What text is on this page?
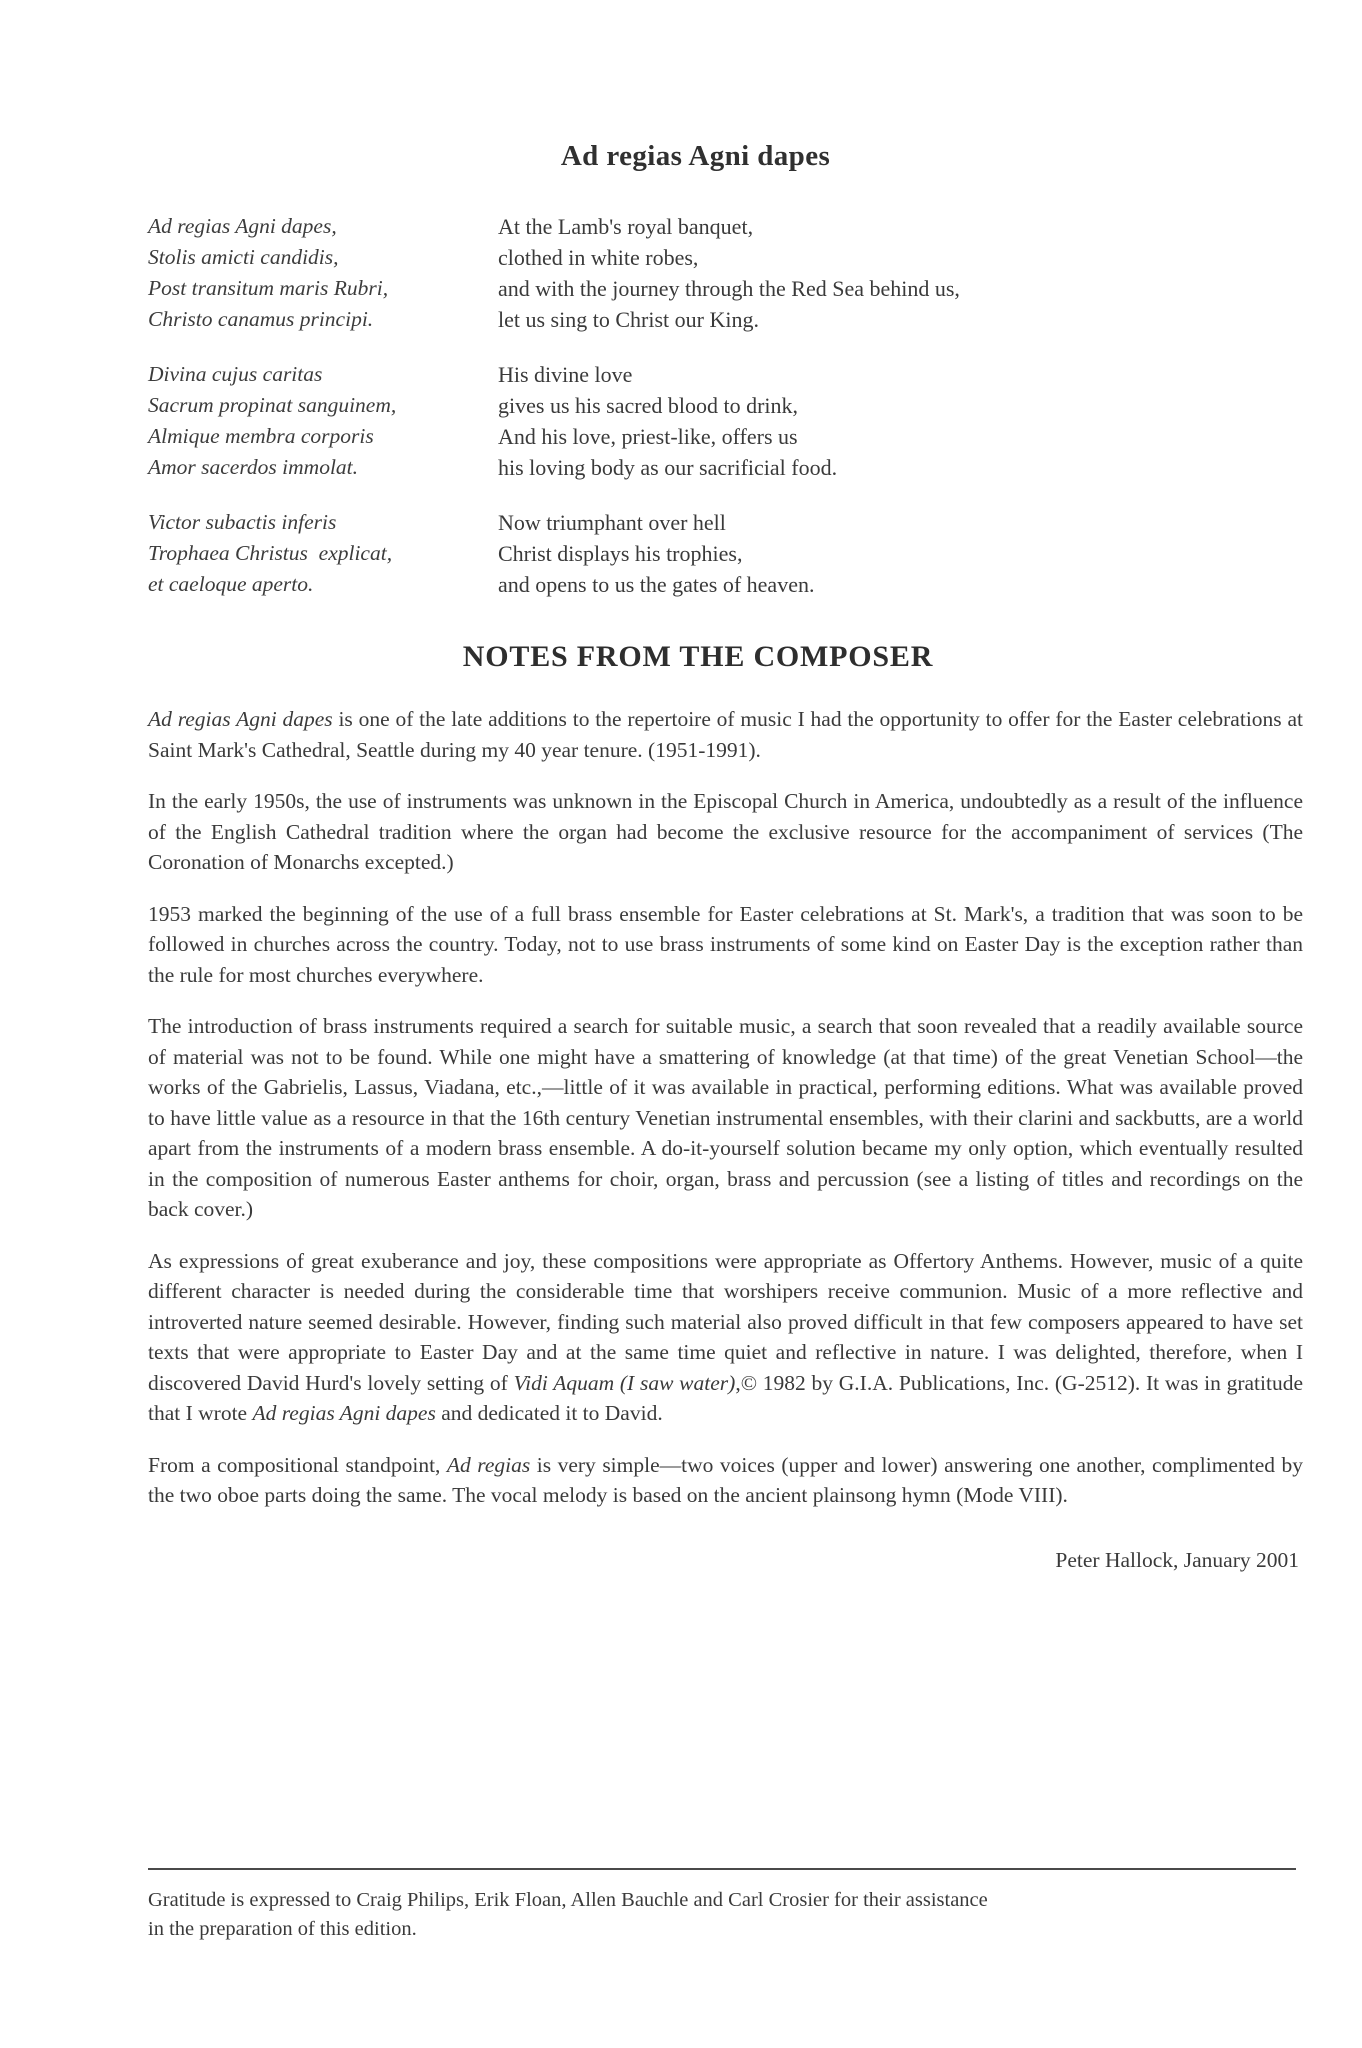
Ad regias Agni dapes
Ad regias Agni dapes,
Stolis amicti candidis,
Post transitum maris Rubri,
Christo canamus principi.
Divina cujus caritas
Sacrum propinat sanguinem,
Almique membra corporis
Amor sacerdos immolat.
Victor subactis inferis
Trophaea Christus  explicat,
et caeloque aperto.
At the Lamb's royal banquet,
clothed in white robes,
and with the journey through the Red Sea behind us,
let us sing to Christ our King.
His divine love
gives us his sacred blood to drink,
And his love, priest-like, offers us
his loving body as our sacrificial food.
Now triumphant over hell
Christ displays his trophies,
and opens to us the gates of heaven.
NOTES FROM THE COMPOSER

Ad regias Agni dapes is one of the late additions to the repertoire of music I had the opportunity to offer for the Easter celebrations at Saint Mark's Cathedral, Seattle during my 40 year tenure. (1951-1991).

In the early 1950s, the use of instruments was unknown in the Episcopal Church in America, undoubtedly as a result of the influence of the English Cathedral tradition where the organ had become the exclusive resource for the accompaniment of services (The Coronation of Monarchs excepted.)

1953 marked the beginning of the use of a full brass ensemble for Easter celebrations at St. Mark's, a tradition that was soon to be followed in churches across the country. Today, not to use brass instruments of some kind on Easter Day is the exception rather than the rule for most churches everywhere.

The introduction of brass instruments required a search for suitable music, a search that soon revealed that a readily available source of material was not to be found. While one might have a smattering of knowledge (at that time) of the great Venetian School—the works of the Gabrielis, Lassus, Viadana, etc.,—little of it was available in practical, performing editions. What was available proved to have little value as a resource in that the 16th century Venetian instrumental ensembles, with their clarini and sackbutts, are a world apart from the instruments of a modern brass ensemble. A do-it-yourself solution became my only option, which eventually resulted in the composition of numerous Easter anthems for choir, organ, brass and percussion (see a listing of titles and recordings on the back cover.)

As expressions of great exuberance and joy, these compositions were appropriate as Offertory Anthems. However, music of a quite different character is needed during the considerable time that worshipers receive communion. Music of a more reflective and introverted nature seemed desirable. However, finding such material also proved difficult in that few composers appeared to have set texts that were appropriate to Easter Day and at the same time quiet and reflective in nature. I was delighted, therefore, when I discovered David Hurd's lovely setting of Vidi Aquam (I saw water),© 1982 by G.I.A. Publications, Inc. (G-2512). It was in gratitude that I wrote Ad regias Agni dapes and dedicated it to David.

From a compositional standpoint, Ad regias is very simple—two voices (upper and lower) answering one another, complimented by the two oboe parts doing the same. The vocal melody is based on the ancient plainsong hymn (Mode VIII).

Peter Hallock, January 2001
Gratitude is expressed to Craig Philips, Erik Floan, Allen Bauchle and Carl Crosier for their assistance
in the preparation of this edition.
